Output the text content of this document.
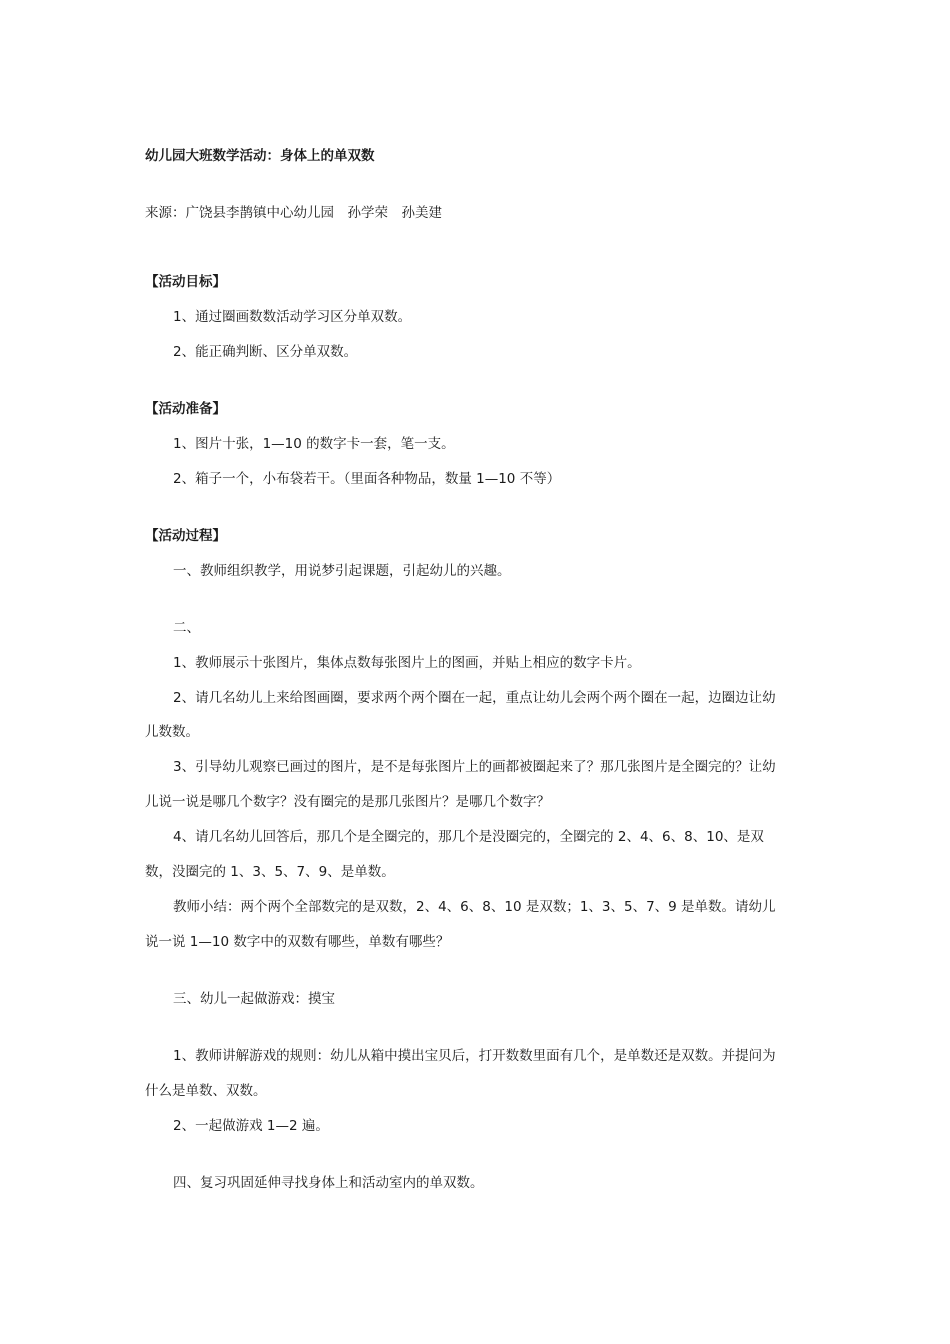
幼儿园大班数学活动：身体上的单双数
来源：广饶县李鹊镇中心幼儿园　孙学荣　孙美建
【活动目标】
1、通过圈画数数活动学习区分单双数。
2、能正确判断、区分单双数。
【活动准备】
1、图片十张，1—10 的数字卡一套，笔一支。
2、箱子一个，小布袋若干。（里面各种物品，数量 1—10 不等）
【活动过程】
一、教师组织教学，用说梦引起课题，引起幼儿的兴趣。
二、
1、教师展示十张图片，集体点数每张图片上的图画，并贴上相应的数字卡片。
2、请几名幼儿上来给图画圈，要求两个两个圈在一起，重点让幼儿会两个两个圈在一起，边圈边让幼
儿数数。
3、引导幼儿观察已画过的图片，是不是每张图片上的画都被圈起来了？那几张图片是全圈完的？让幼
儿说一说是哪几个数字？没有圈完的是那几张图片？是哪几个数字？
4、请几名幼儿回答后，那几个是全圈完的，那几个是没圈完的，全圈完的 2、4、6、8、10、是双
数，没圈完的 1、3、5、7、9、是单数。
教师小结：两个两个全部数完的是双数，2、4、6、8、10 是双数；1、3、5、7、9 是单数。请幼儿
说一说 1—10 数字中的双数有哪些，单数有哪些？
三、幼儿一起做游戏：摸宝
1、教师讲解游戏的规则：幼儿从箱中摸出宝贝后，打开数数里面有几个，是单数还是双数。并提问为
什么是单数、双数。
2、一起做游戏 1—2 遍。
四、复习巩固延伸寻找身体上和活动室内的单双数。
